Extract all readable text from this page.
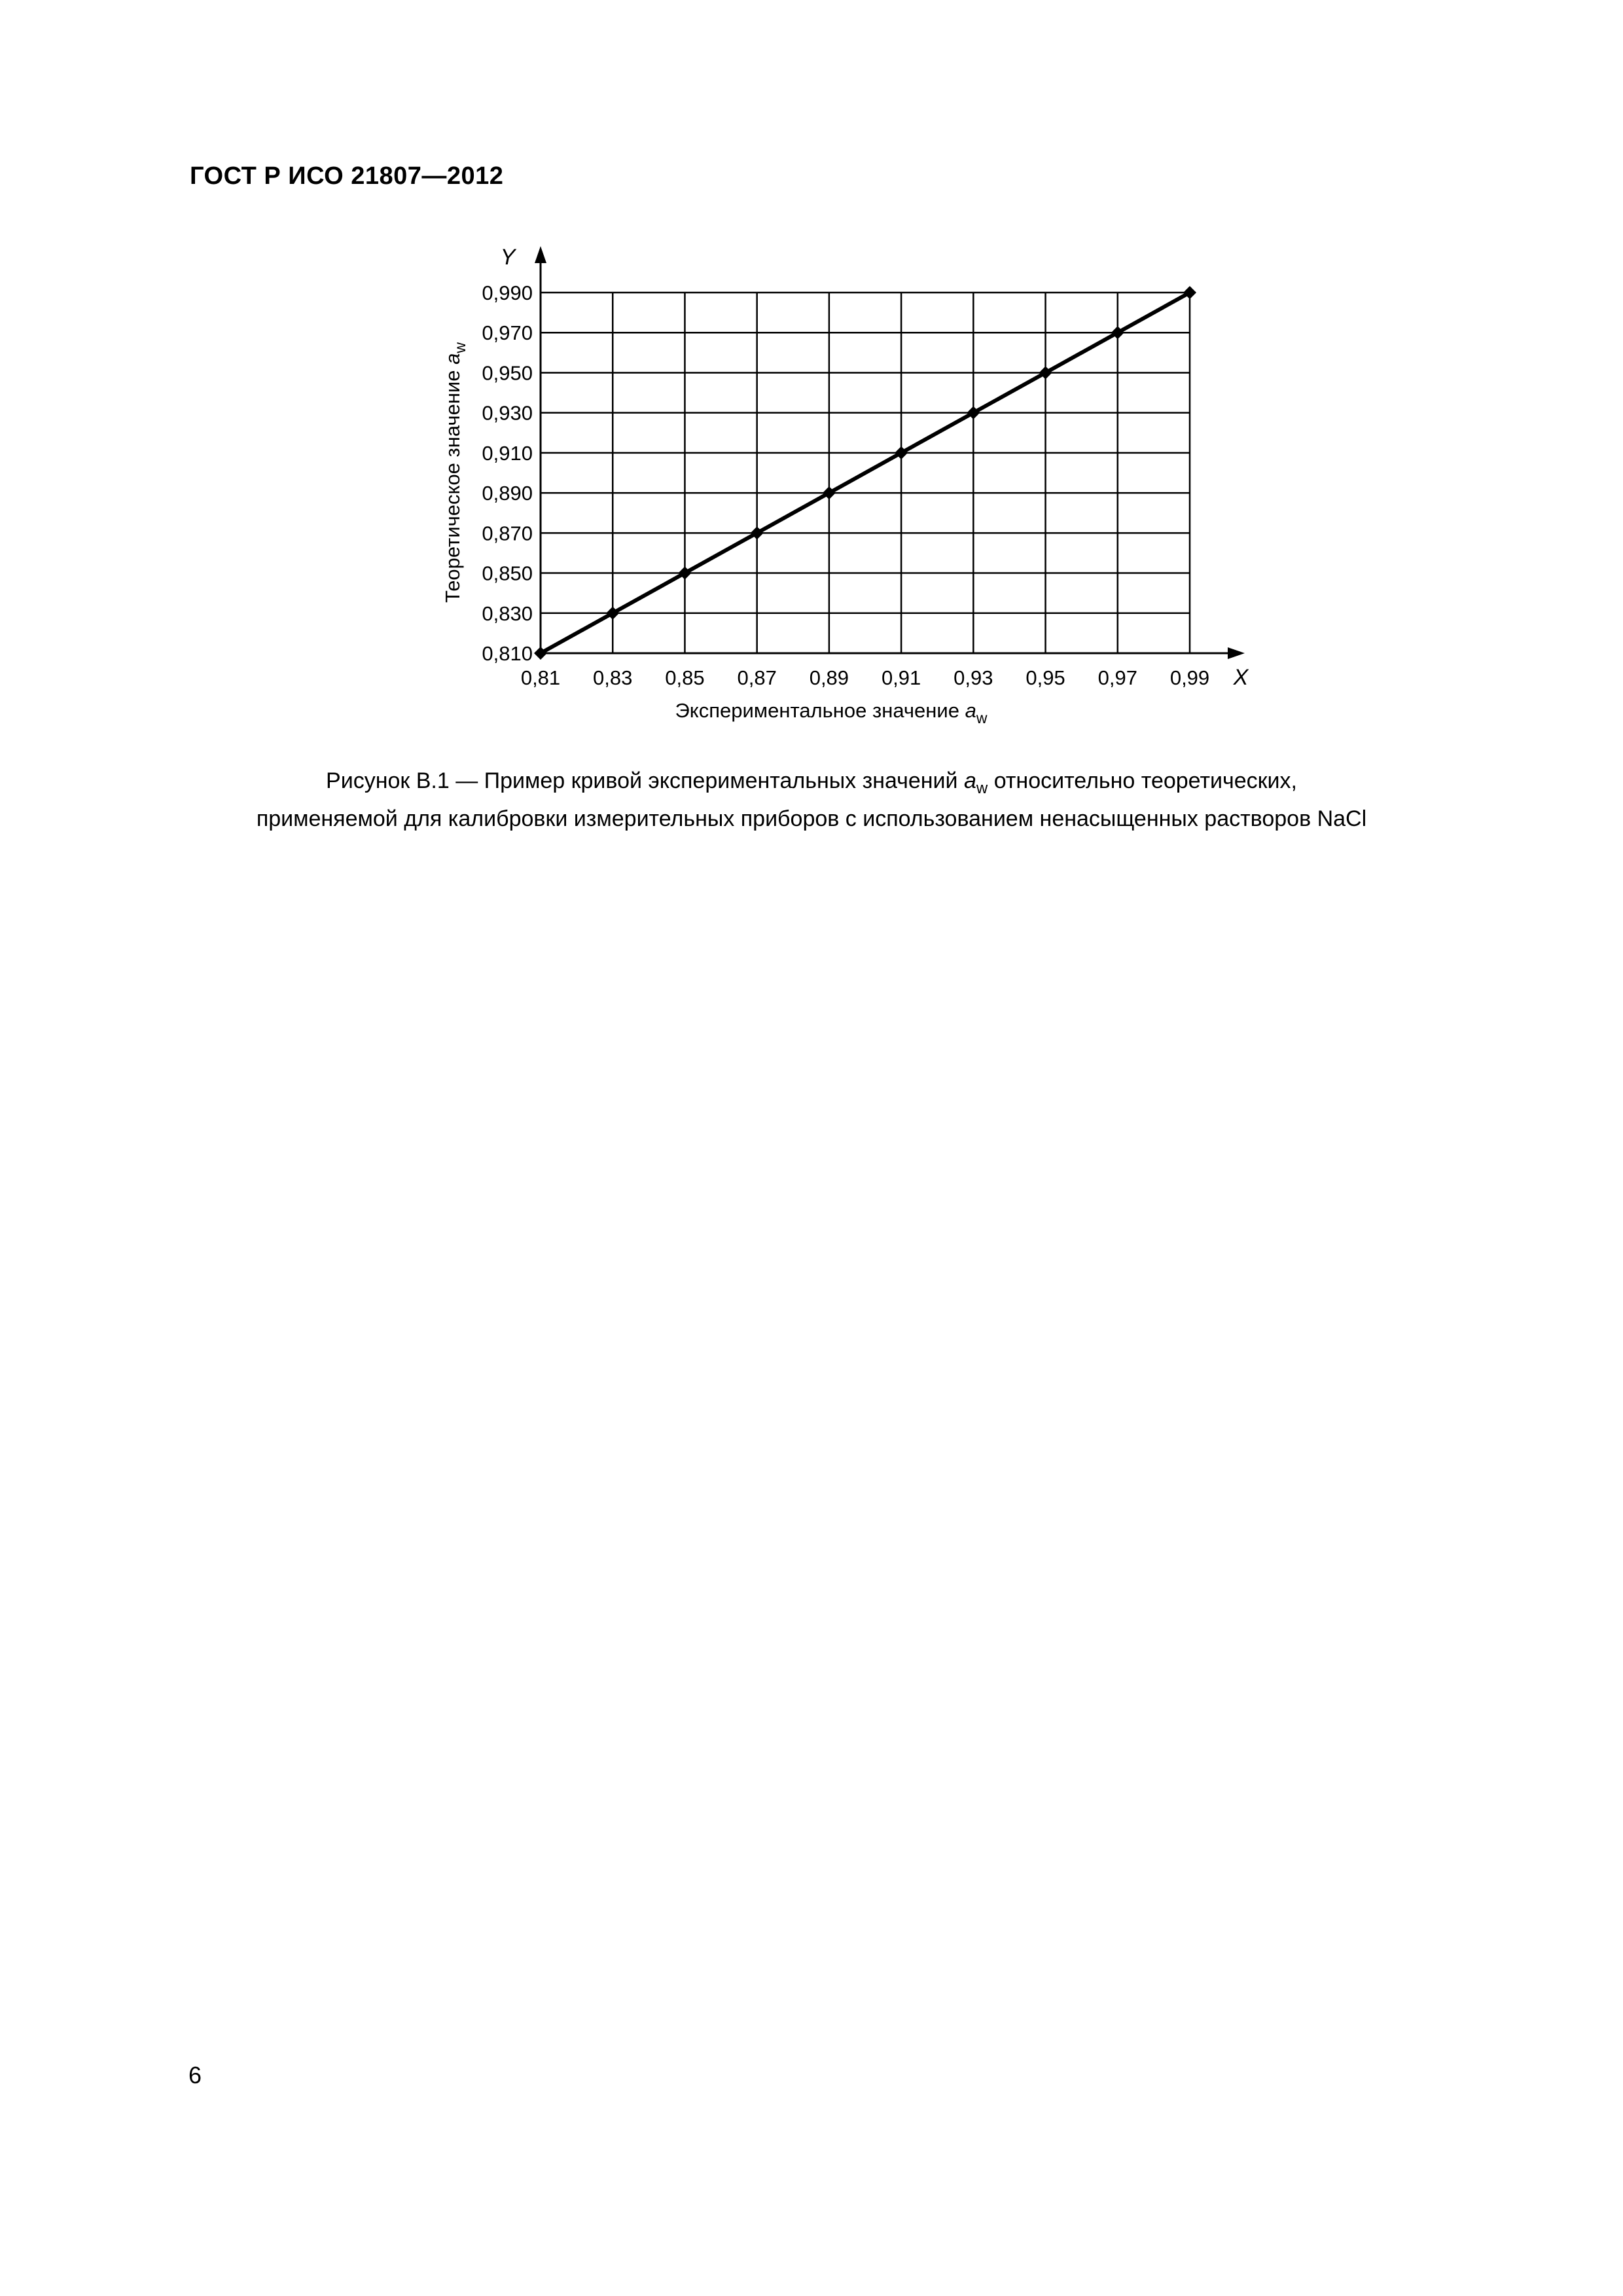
ГОСТ Р ИСО 21807—2012
0,81 0,83 0,85 0,87 0,89 0,91 0,93 0,95 0,97 0,99
0,810
0,830
0,850
0,870
0,890
0,910
0,930
0,950
0,970
0,990
Y
X
Экспериментальное значение $a_w$
Теоретическое значение $a_w$
Рисунок В.1 — Пример кривой экспериментальных значений $a_w$ относительно теоретических,
применяемой для калибровки измерительных приборов с использованием ненасыщенных растворов NaCl
6
